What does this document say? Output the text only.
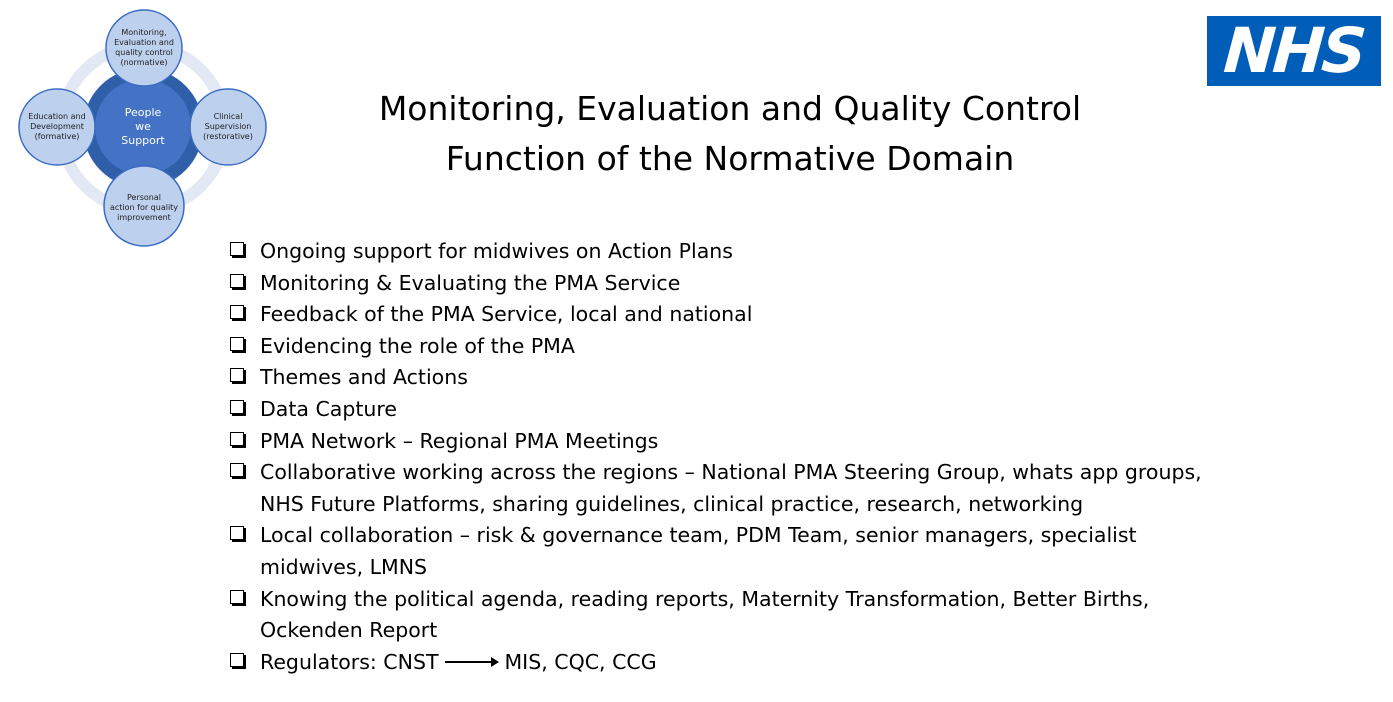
People
we
Support
Monitoring,
Evaluation and
quality control
(normative)
Clinical
Supervision
(restorative)
Personal
action for quality
improvement
Education and
Development
(formative)
NHS
Monitoring, Evaluation and Quality Control
Function of the Normative Domain
Ongoing support for midwives on Action Plans
Monitoring & Evaluating the PMA Service
Feedback of the PMA Service, local and national
Evidencing the role of the PMA
Themes and Actions
Data Capture
PMA Network – Regional PMA Meetings
Collaborative working across the regions – National PMA Steering Group, whats app groups, NHS Future Platforms, sharing guidelines, clinical practice, research, networking
Local collaboration – risk & governance team, PDM Team, senior managers, specialist midwives, LMNS
Knowing the political agenda, reading reports, Maternity Transformation, Better Births, Ockenden Report
Regulators: CNST	MIS, CQC, CCG
